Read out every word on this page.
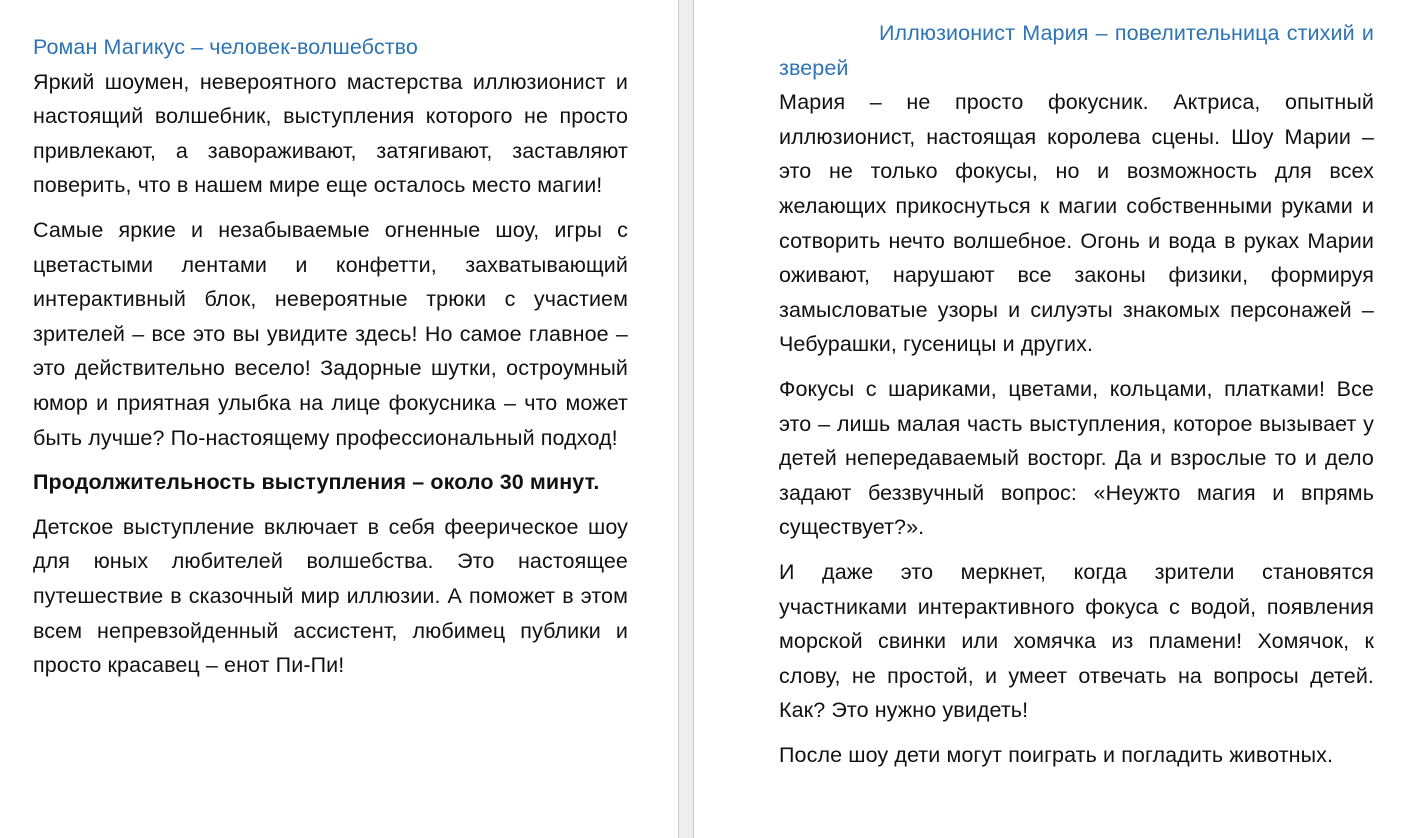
Роман Магикус – человек-волшебство

Яркий шоумен, невероятного мастерства иллюзионист и настоящий волшебник, выступления которого не просто привлекают, а завораживают, затягивают, заставляют поверить, что в нашем мире еще осталось место магии!

Самые яркие и незабываемые огненные шоу, игры с цветастыми лентами и конфетти, захватывающий интерактивный блок, невероятные трюки с участием зрителей – все это вы увидите здесь! Но самое главное – это действительно весело! Задорные шутки, остроумный юмор и приятная улыбка на лице фокусника – что может быть лучше? По-настоящему профессиональный подход!

Продолжительность выступления – около 30 минут.

Детское выступление включает в себя феерическое шоу для юных любителей волшебства. Это настоящее путешествие в сказочный мир иллюзии. А поможет в этом всем непревзойденный ассистент, любимец публики и просто красавец – енот Пи-Пи!

Иллюзионист Мария – повелительница стихий и зверей

Мария – не просто фокусник. Актриса, опытный иллюзионист, настоящая королева сцены. Шоу Марии – это не только фокусы, но и возможность для всех желающих прикоснуться к магии собственными руками и сотворить нечто волшебное. Огонь и вода в руках Марии оживают, нарушают все законы физики, формируя замысловатые узоры и силуэты знакомых персонажей – Чебурашки, гусеницы и других.

Фокусы с шариками, цветами, кольцами, платками! Все это – лишь малая часть выступления, которое вызывает у детей непередаваемый восторг. Да и взрослые то и дело задают беззвучный вопрос: «Неужто магия и впрямь существует?».

И даже это меркнет, когда зрители становятся участниками интерактивного фокуса с водой, появления морской свинки или хомячка из пламени! Хомячок, к слову, не простой, и умеет отвечать на вопросы детей. Как? Это нужно увидеть!

После шоу дети могут поиграть и погладить животных.
